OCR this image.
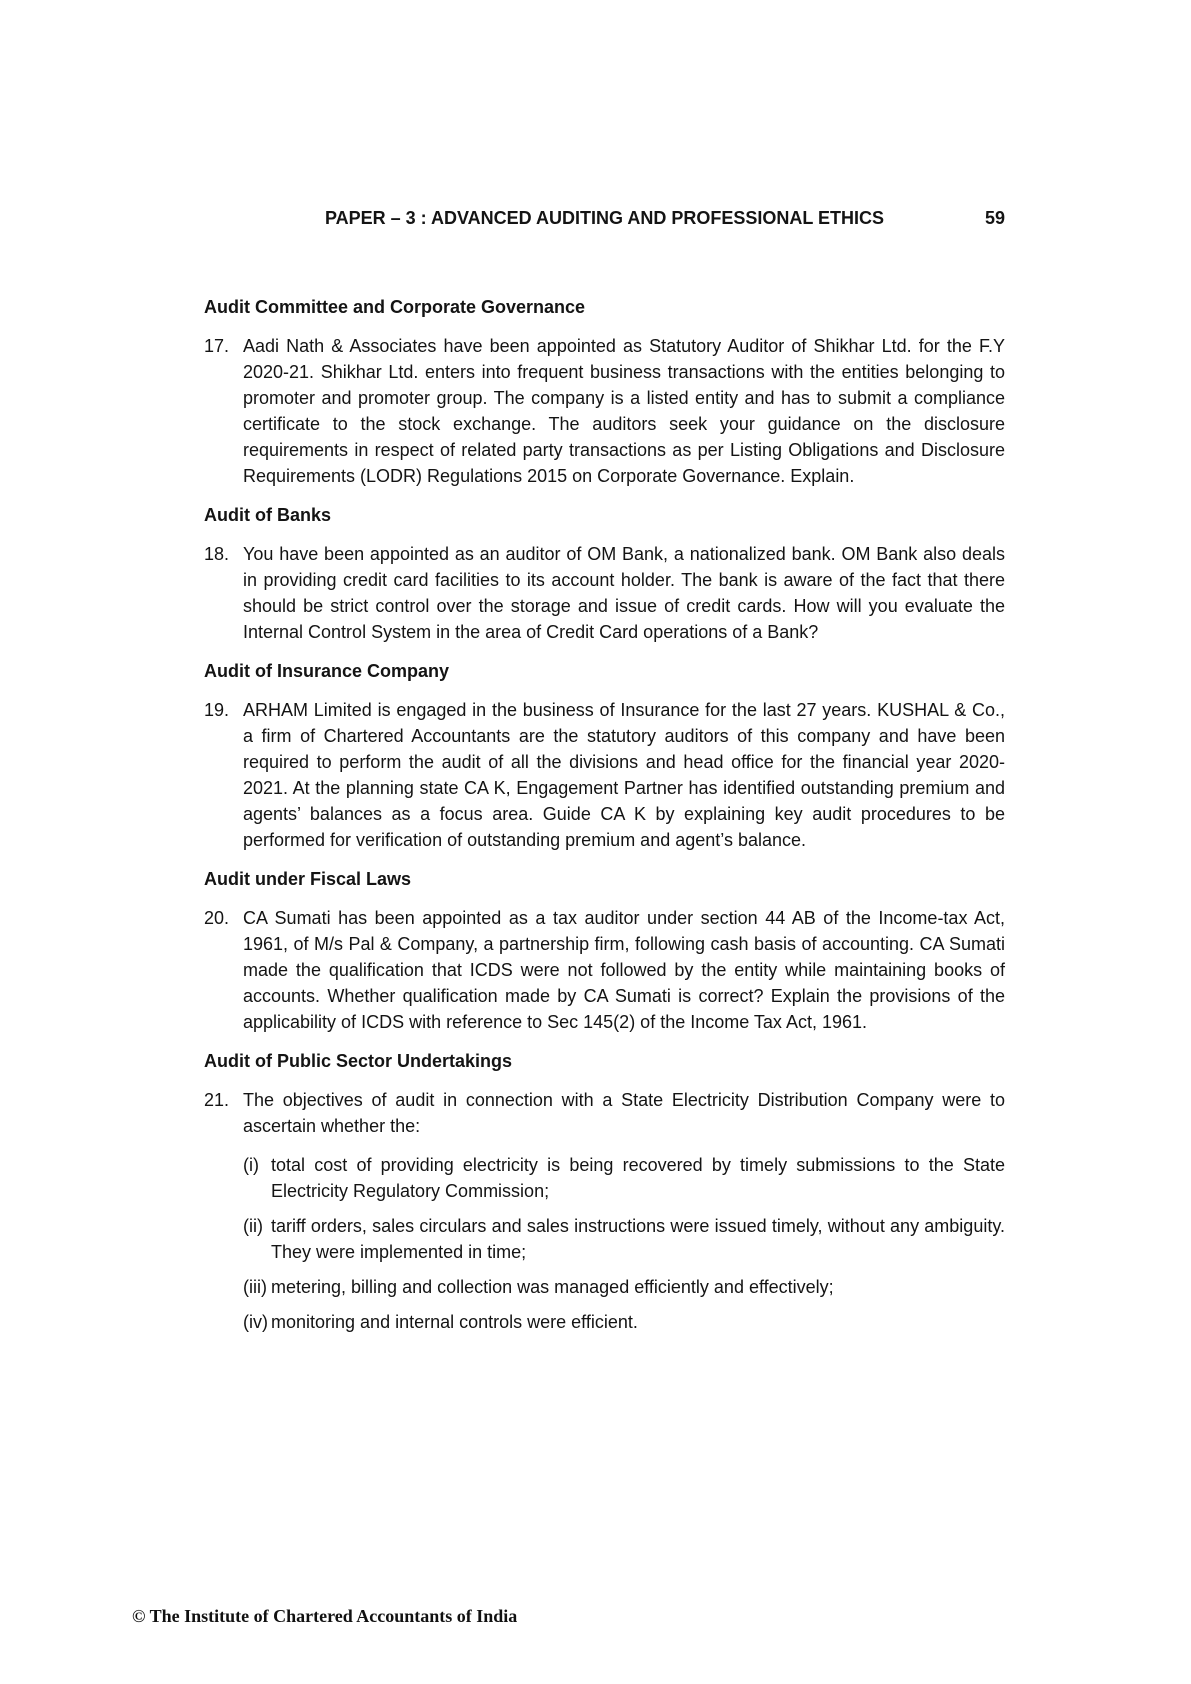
PAPER – 3 : ADVANCED AUDITING AND PROFESSIONAL ETHICS	59
Audit Committee and Corporate Governance
17. Aadi Nath & Associates have been appointed as Statutory Auditor of Shikhar Ltd. for the F.Y 2020-21. Shikhar Ltd. enters into frequent business transactions with the entities belonging to promoter and promoter group. The company is a listed entity and has to submit a compliance certificate to the stock exchange. The auditors seek your guidance on the disclosure requirements in respect of related party transactions as per Listing Obligations and Disclosure Requirements (LODR) Regulations 2015 on Corporate Governance. Explain.
Audit of Banks
18. You have been appointed as an auditor of OM Bank, a nationalized bank. OM Bank also deals in providing credit card facilities to its account holder. The bank is aware of the fact that there should be strict control over the storage and issue of credit cards. How will you evaluate the Internal Control System in the area of Credit Card operations of a Bank?
Audit of Insurance Company
19. ARHAM Limited is engaged in the business of Insurance for the last 27 years. KUSHAL & Co., a firm of Chartered Accountants are the statutory auditors of this company and have been required to perform the audit of all the divisions and head office for the financial year 2020-2021. At the planning state CA K, Engagement Partner has identified outstanding premium and agents’ balances as a focus area. Guide CA K by explaining key audit procedures to be performed for verification of outstanding premium and agent’s balance.
Audit under Fiscal Laws
20. CA Sumati has been appointed as a tax auditor under section 44 AB of the Income-tax Act, 1961, of M/s Pal & Company, a partnership firm, following cash basis of accounting. CA Sumati made the qualification that ICDS were not followed by the entity while maintaining books of accounts. Whether qualification made by CA Sumati is correct? Explain the provisions of the applicability of ICDS with reference to Sec 145(2) of the Income Tax Act, 1961.
Audit of Public Sector Undertakings
21. The objectives of audit in connection with a State Electricity Distribution Company were to ascertain whether the:
(i) total cost of providing electricity is being recovered by timely submissions to the State Electricity Regulatory Commission;
(ii) tariff orders, sales circulars and sales instructions were issued timely, without any ambiguity. They were implemented in time;
(iii) metering, billing and collection was managed efficiently and effectively;
(iv) monitoring and internal controls were efficient.
© The Institute of Chartered Accountants of India
